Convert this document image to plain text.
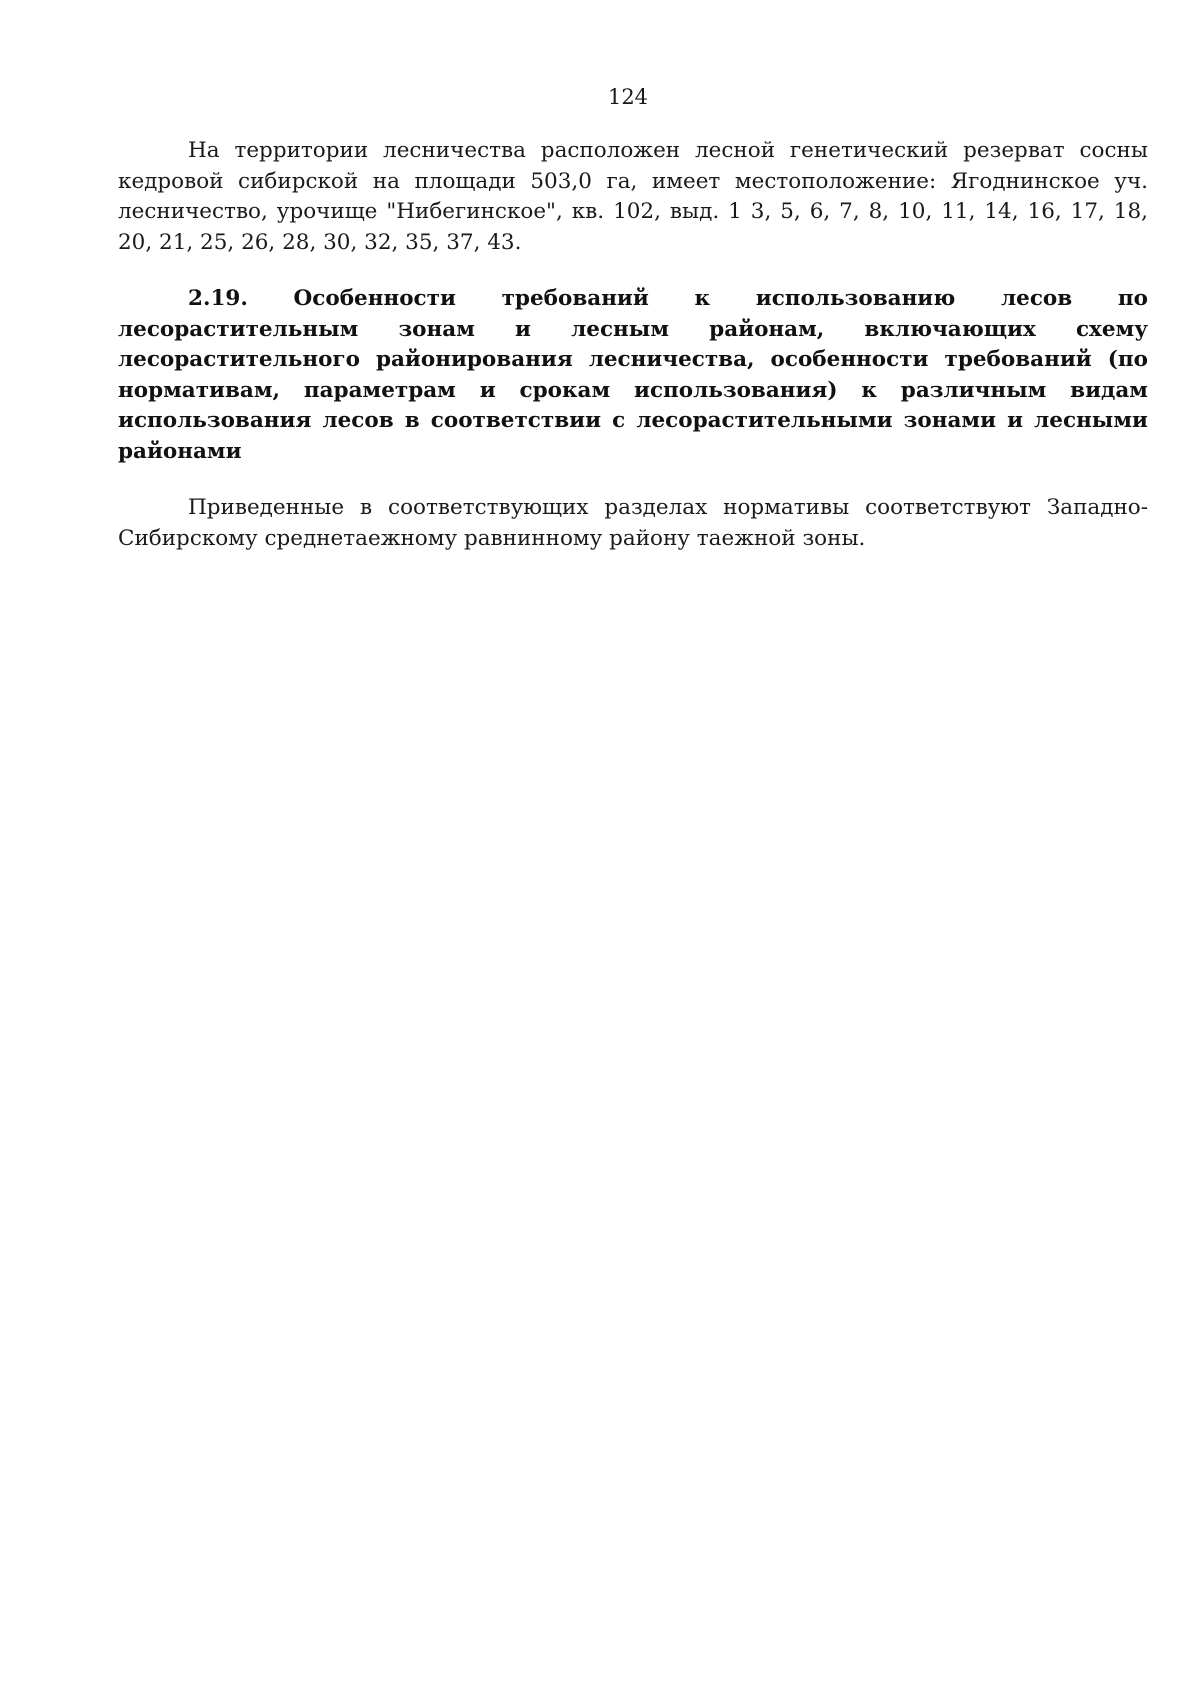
124

На территории лесничества расположен лесной генетический резерват сосны кедровой сибирской на площади 503,0 га, имеет местоположение: Ягоднинское уч. лесничество, урочище "Нибегинское", кв. 102, выд. 1 3, 5, 6, 7, 8, 10, 11, 14, 16, 17, 18, 20, 21, 25, 26, 28, 30, 32, 35, 37, 43.

2.19. Особенности требований к использованию лесов по лесорастительным зонам и лесным районам, включающих схему лесорастительного районирования лесничества, особенности требований (по нормативам, параметрам и срокам использования) к различным видам использования лесов в соответствии с лесорастительными зонами и лесными районами

Приведенные в соответствующих разделах нормативы соответствуют Западно-Сибирскому среднетаежному равнинному району таежной зоны.
